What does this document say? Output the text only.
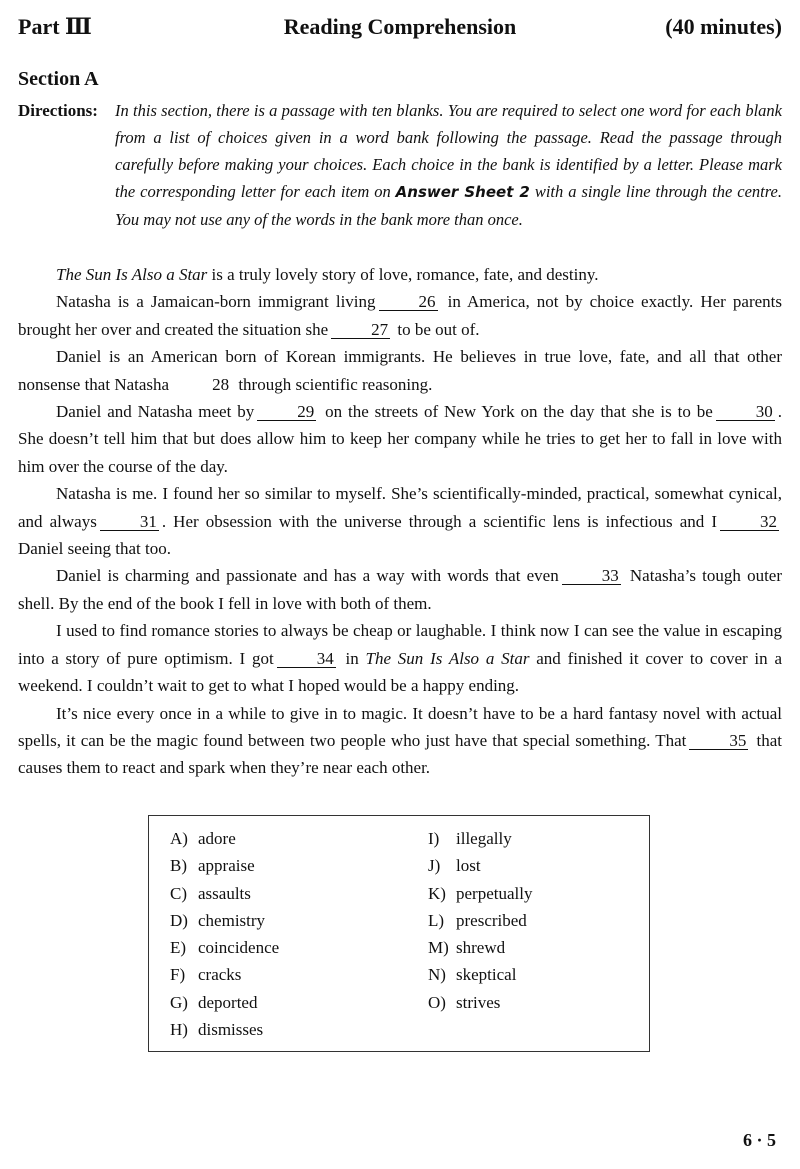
Part Ⅲ	Reading Comprehension	(40 minutes)
Section A
Directions: In this section, there is a passage with ten blanks. You are required to select one word for each blank from a list of choices given in a word bank following the passage. Read the passage through carefully before making your choices. Each choice in the bank is identified by a letter. Please mark the corresponding letter for each item on Answer Sheet 2 with a single line through the centre. You may not use any of the words in the bank more than once.

The Sun Is Also a Star is a truly lovely story of love, romance, fate, and destiny.

Natasha is a Jamaican-born immigrant living	26 in America, not by choice exactly. Her parents brought her over and created the situation she	27 to be out of.

Daniel is an American born of Korean immigrants. He believes in true love, fate, and all that other nonsense that Natasha	28 through scientific reasoning.

Daniel and Natasha meet by	29 on the streets of New York on the day that she is to be	30 . She doesn’t tell him that but does allow him to keep her company while he tries to get her to fall in love with him over the course of the day.

Natasha is me. I found her so similar to myself. She’s scientifically-minded, practical, somewhat cynical, and always	31 . Her obsession with the universe through a scientific lens is infectious and I	32 Daniel seeing that too.

Daniel is charming and passionate and has a way with words that even	33 Natasha’s tough outer shell. By the end of the book I fell in love with both of them.

I used to find romance stories to always be cheap or laughable. I think now I can see the value in escaping into a story of pure optimism. I got	34 in The Sun Is Also a Star and finished it cover to cover in a weekend. I couldn’t wait to get to what I hoped would be a happy ending.

It’s nice every once in a while to give in to magic. It doesn’t have to be a hard fantasy novel with actual spells, it can be the magic found between two people who just have that special something. That	35 that causes them to react and spark when they’re near each other.

A) adore
B) appraise
C) assaults
D) chemistry
E) coincidence
F) cracks
G) deported
H) dismisses
I) illegally
J) lost
K) perpetually
L) prescribed
M) shrewd
N) skeptical
O) strives
6 · 5
